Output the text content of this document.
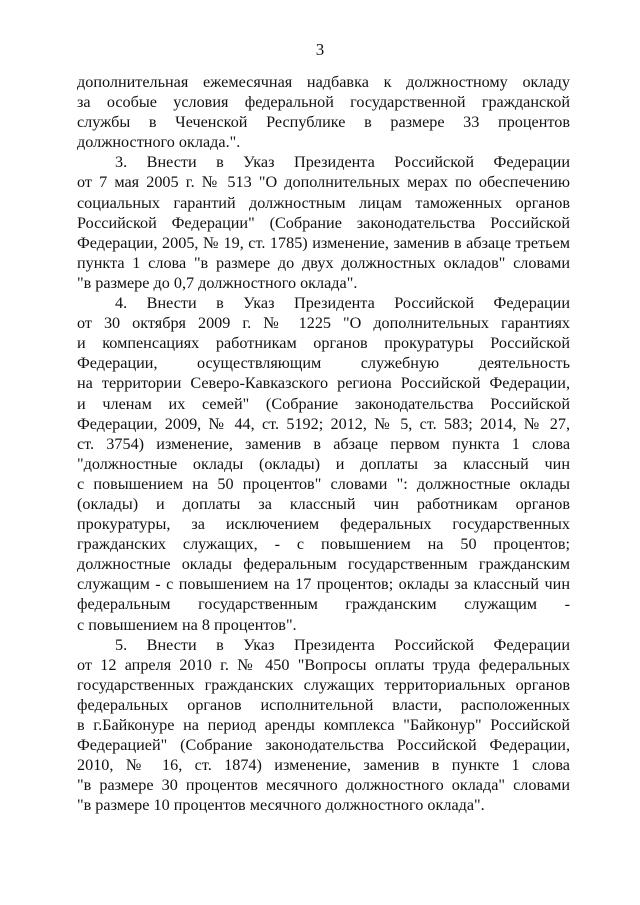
3
дополнительная ежемесячная надбавка к должностному окладу
за особые условия федеральной государственной гражданской
службы в Чеченской Республике в размере 33 процентов
должностного оклада.".
3. Внести в Указ Президента Российской Федерации
от 7 мая 2005 г. № 513 "О дополнительных мерах по обеспечению
социальных гарантий должностным лицам таможенных органов
Российской Федерации" (Собрание законодательства Российской
Федерации, 2005, № 19, ст. 1785) изменение, заменив в абзаце третьем
пункта 1 слова "в размере до двух должностных окладов" словами
"в размере до 0,7 должностного оклада".
4. Внести в Указ Президента Российской Федерации
от 30 октября 2009 г. № 1225 "О дополнительных гарантиях
и компенсациях работникам органов прокуратуры Российской
Федерации, осуществляющим служебную деятельность
на территории Северо-Кавказского региона Российской Федерации,
и членам их семей" (Собрание законодательства Российской
Федерации, 2009, № 44, ст. 5192; 2012, № 5, ст. 583; 2014, № 27,
ст. 3754) изменение, заменив в абзаце первом пункта 1 слова
"должностные оклады (оклады) и доплаты за классный чин
с повышением на 50 процентов" словами ": должностные оклады
(оклады) и доплаты за классный чин работникам органов
прокуратуры, за исключением федеральных государственных
гражданских служащих, - с повышением на 50 процентов;
должностные оклады федеральным государственным гражданским
служащим - с повышением на 17 процентов; оклады за классный чин
федеральным государственным гражданским служащим -
с повышением на 8 процентов".
5. Внести в Указ Президента Российской Федерации
от 12 апреля 2010 г. № 450 "Вопросы оплаты труда федеральных
государственных гражданских служащих территориальных органов
федеральных органов исполнительной власти, расположенных
в г.Байконуре на период аренды комплекса "Байконур" Российской
Федерацией" (Собрание законодательства Российской Федерации,
2010, № 16, ст. 1874) изменение, заменив в пункте 1 слова
"в размере 30 процентов месячного должностного оклада" словами
"в размере 10 процентов месячного должностного оклада".
